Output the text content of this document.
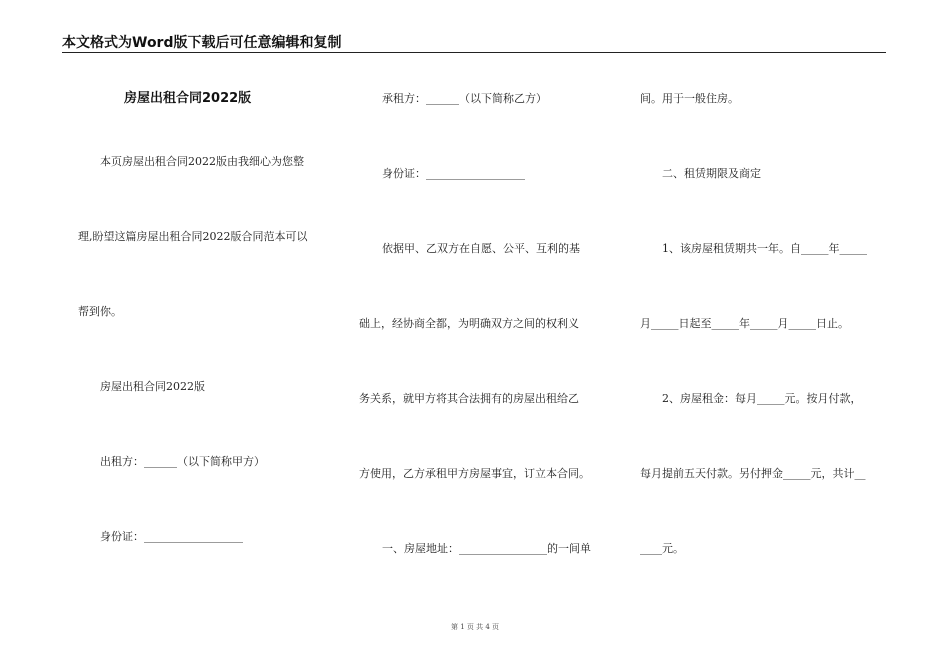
本文格式为Word版下载后可任意编辑和复制
房屋出租合同2022版
本页房屋出租合同2022版由我细心为您整
理,盼望这篇房屋出租合同2022版合同范本可以
帮到你。
房屋出租合同2022版
出租方：______（以下简称甲方）
身份证：__________________
承租方：______（以下简称乙方）
身份证：__________________
依据甲、乙双方在自愿、公平、互利的基
础上，经协商全都，为明确双方之间的权利义
务关系，就甲方将其合法拥有的房屋出租给乙
方使用，乙方承租甲方房屋事宜，订立本合同。
一、房屋地址：________________的一间单
间。用于一般住房。
二、租赁期限及商定
1、该房屋租赁期共一年。自_____年_____
月_____日起至_____年_____月_____日止。
2、房屋租金：每月_____元。按月付款，
每月提前五天付款。另付押金_____元，共计__
____元。
第 1 页 共 4 页
